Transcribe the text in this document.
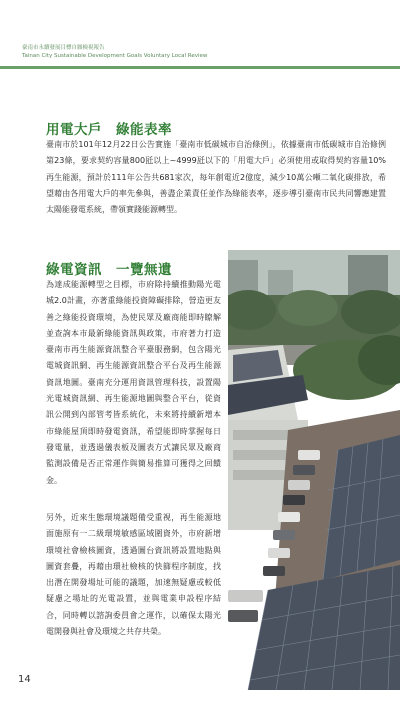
臺南市永續發展目標自願檢視報告
Tainan City Sustainable Development Goals Voluntary Local Review
用電大戶　綠能表率
臺南市於101年12月22日公告實施「臺南市低碳城市自治條例」，依據臺南市低碳城市自治條例第23條，要求契約容量800瓩以上~4999瓩以下的「用電大戶」必須使用或取得契約容量10%再生能源，預計於111年公告共681家次，每年創電近2億度，減少10萬公噸二氧化碳排放，希望藉由各用電大戶的率先參與，善盡企業責任並作為綠能表率，逐步導引臺南市民共同響應建置太陽能發電系統，帶領實踐能源轉型。
綠電資訊　一覽無遺
為達成能源轉型之目標，市府除持續推動陽光電城2.0計畫，亦著重綠能投資障礙排除，營造更友善之綠能投資環境，為使民眾及廠商能即時瞭解並查詢本市最新綠能資訊與政策，市府著力打造臺南市再生能源資訊整合平臺服務網，包含陽光電城資訊網、再生能源資訊整合平台及再生能源資訊地圖。臺南充分運用資訊管理科技，設置陽光電城資訊網、再生能源地圖與整合平台，從資訊公開到內部管考皆系統化，未來將持續新增本市綠能屋頂即時發電資訊，希望能即時掌握每日發電量，並透過儀表板及圖表方式讓民眾及廠商監測設備是否正常運作與簡易推算可獲得之回饋金。
另外，近來生態環境議題備受重視，再生能源地面施原有一二級環境敏感區域圍資外，市府新增環境社會檢核圖資，透過圖台資訊將設置地點與圖資套疊，再藉由環社檢核的快篩程序制度，找出潛在開發場址可能的議題，加速無疑慮或較低疑慮之場址的光電設置，並與電業申設程序結合，同時轉以諮詢委員會之運作，以確保太陽光電開發與社會及環境之共存共榮。
14
